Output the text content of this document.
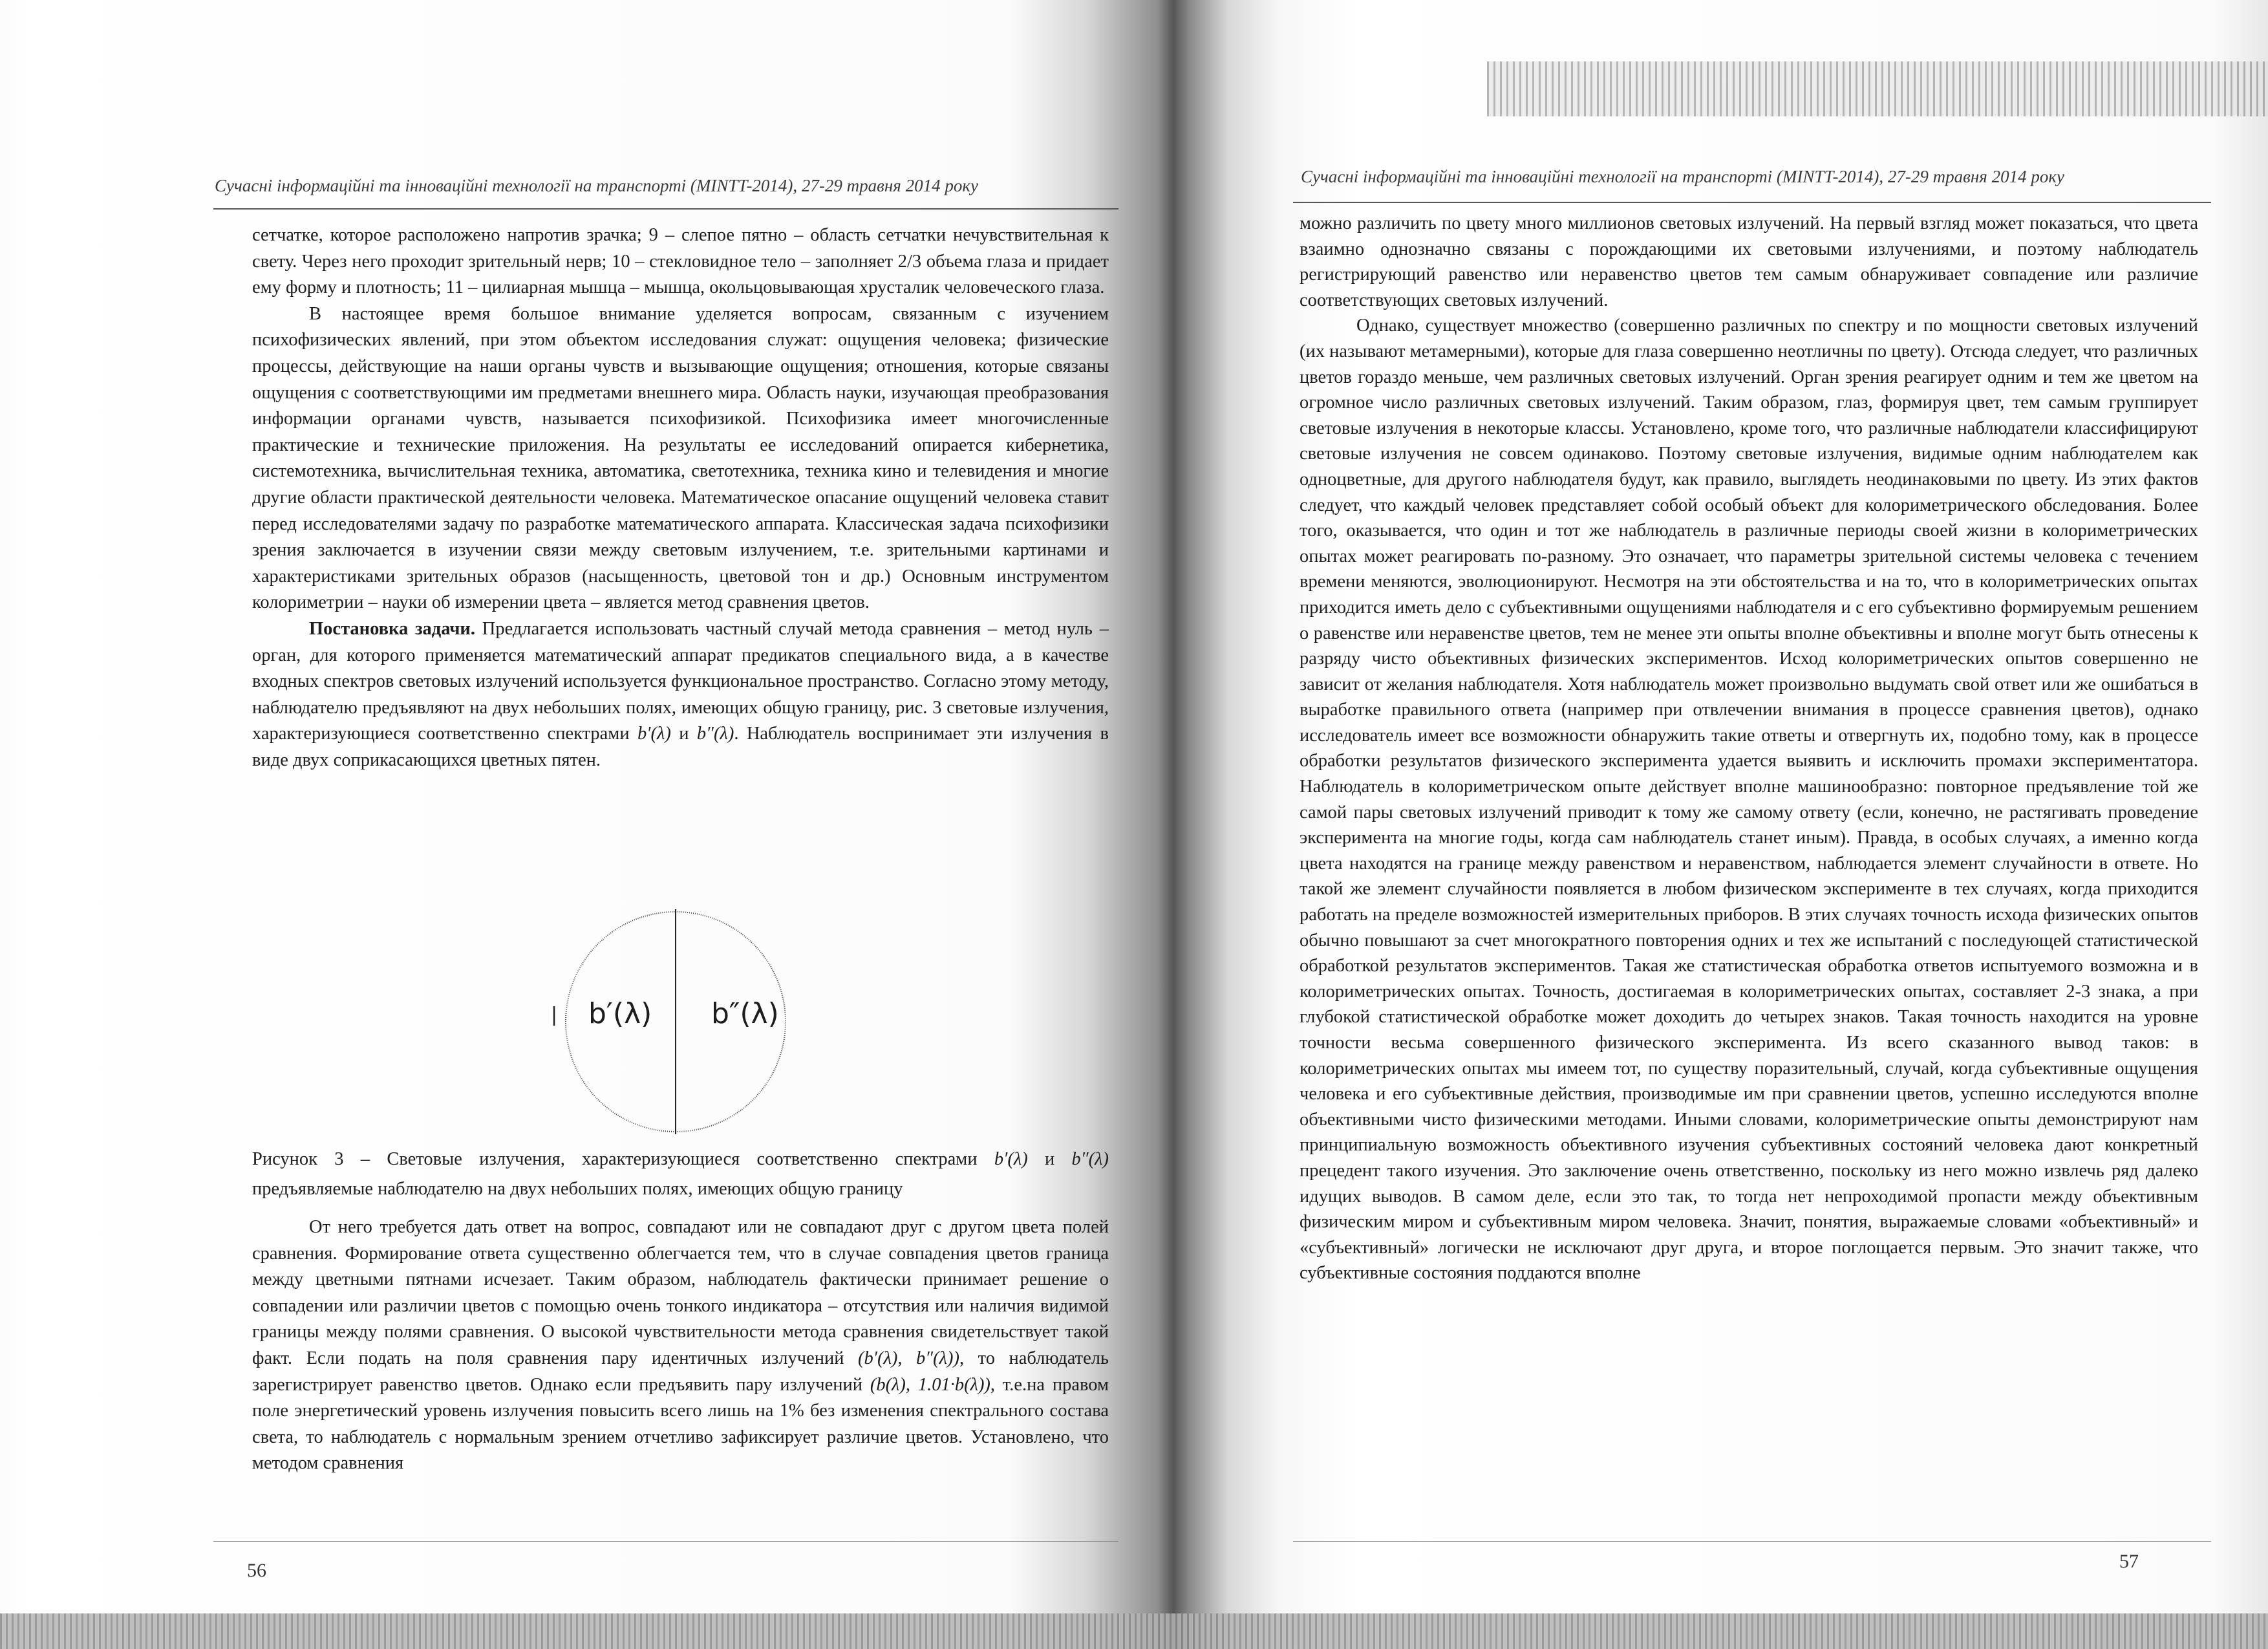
Сучасні інформаційні та інноваційні технології на транспорті (MINTT-2014), 27-29 травня 2014 року

сетчатке, которое расположено напротив зрачка; 9 – слепое пятно – область сетчатки нечувствительная к свету. Через него проходит зрительный нерв; 10 – стекловидное тело – заполняет 2/3 объема глаза и придает ему форму и плотность; 11 – цилиарная мышца – мышца, окольцовывающая хрусталик человеческого глаза.

В настоящее время большое внимание уделяется вопросам, связанным с изучением психофизических явлений, при этом объектом исследования служат: ощущения человека; физические процессы, действующие на наши органы чувств и вызывающие ощущения; отношения, которые связаны ощущения с соответствующими им предметами внешнего мира. Область науки, изучающая преобразования информации органами чувств, называется психофизикой. Психофизика имеет многочисленные практические и технические приложения. На результаты ее исследований опирается кибернетика, системотехника, вычислительная техника, автоматика, светотехника, техника кино и телевидения и многие другие области практической деятельности человека. Математическое опасание ощущений человека ставит перед исследователями задачу по разработке математического аппарата. Классическая задача психофизики зрения заключается в изучении связи между световым излучением, т.е. зрительными картинами и характеристиками зрительных образов (насыщенность, цветовой тон и др.) Основным инструментом колориметрии – науки об измерении цвета – является метод сравнения цветов.

Постановка задачи. Предлагается использовать частный случай метода сравнения – метод нуль – орган, для которого применяется математический аппарат предикатов специального вида, а в качестве входных спектров световых излучений используется функциональное пространство. Согласно этому методу, наблюдателю предъявляют на двух небольших полях, имеющих общую границу, рис. 3 световые излучения, характеризующиеся соответственно спектрами b′(λ) и b″(λ). Наблюдатель воспринимает эти излучения в виде двух соприкасающихся цветных пятен.

| b′(λ) b″(λ)
Рисунок 3 – Световые излучения, характеризующиеся соответственно спектрами b′(λ) и b″(λ) предъявляемые наблюдателю на двух небольших полях, имеющих общую границу

От него требуется дать ответ на вопрос, совпадают или не совпадают друг с другом цвета полей сравнения. Формирование ответа существенно облегчается тем, что в случае совпадения цветов граница между цветными пятнами исчезает. Таким образом, наблюдатель фактически принимает решение о совпадении или различии цветов с помощью очень тонкого индикатора – отсутствия или наличия видимой границы между полями сравнения. О высокой чувствительности метода сравнения свидетельствует такой факт. Если подать на поля сравнения пару идентичных излучений (b′(λ), b″(λ)), то наблюдатель зарегистрирует равенство цветов. Однако если предъявить пару излучений (b(λ), 1.01·b(λ)), т.е.на правом поле энергетический уровень излучения повысить всего лишь на 1% без изменения спектрального состава света, то наблюдатель с нормальным зрением отчетливо зафиксирует различие цветов. Установлено, что методом сравнения

56
Сучасні інформаційні та інноваційні технології на транспорті (MINTT-2014), 27-29 травня 2014 року

можно различить по цвету много миллионов световых излучений. На первый взгляд может показаться, что цвета взаимно однозначно связаны с порождающими их световыми излучениями, и поэтому наблюдатель регистрирующий равенство или неравенство цветов тем самым обнаруживает совпадение или различие соответствующих световых излучений.

Однако, существует множество (совершенно различных по спектру и по мощности световых излучений (их называют метамерными), которые для глаза совершенно неотличны по цвету). Отсюда следует, что различных цветов гораздо меньше, чем различных световых излучений. Орган зрения реагирует одним и тем же цветом на огромное число различных световых излучений. Таким образом, глаз, формируя цвет, тем самым группирует световые излучения в некоторые классы. Установлено, кроме того, что различные наблюдатели классифицируют световые излучения не совсем одинаково. Поэтому световые излучения, видимые одним наблюдателем как одноцветные, для другого наблюдателя будут, как правило, выглядеть неодинаковыми по цвету. Из этих фактов следует, что каждый человек представляет собой особый объект для колориметрического обследования. Более того, оказывается, что один и тот же наблюдатель в различные периоды своей жизни в колориметрических опытах может реагировать по-разному. Это означает, что параметры зрительной системы человека с течением времени меняются, эволюционируют. Несмотря на эти обстоятельства и на то, что в колориметрических опытах приходится иметь дело с субъективными ощущениями наблюдателя и с его субъективно формируемым решением о равенстве или неравенстве цветов, тем не менее эти опыты вполне объективны и вполне могут быть отнесены к разряду чисто объективных физических экспериментов. Исход колориметрических опытов совершенно не зависит от желания наблюдателя. Хотя наблюдатель может произвольно выдумать свой ответ или же ошибаться в выработке правильного ответа (например при отвлечении внимания в процессе сравнения цветов), однако исследователь имеет все возможности обнаружить такие ответы и отвергнуть их, подобно тому, как в процессе обработки результатов физического эксперимента удается выявить и исключить промахи экспериментатора. Наблюдатель в колориметрическом опыте действует вполне машинообразно: повторное предъявление той же самой пары световых излучений приводит к тому же самому ответу (если, конечно, не растягивать проведение эксперимента на многие годы, когда сам наблюдатель станет иным). Правда, в особых случаях, а именно когда цвета находятся на границе между равенством и неравенством, наблюдается элемент случайности в ответе. Но такой же элемент случайности появляется в любом физическом эксперименте в тех случаях, когда приходится работать на пределе возможностей измерительных приборов. В этих случаях точность исхода физических опытов обычно повышают за счет многократного повторения одних и тех же испытаний с последующей статистической обработкой результатов экспериментов. Такая же статистическая обработка ответов испытуемого возможна и в колориметрических опытах. Точность, достигаемая в колориметрических опытах, составляет 2-3 знака, а при глубокой статистической обработке может доходить до четырех знаков. Такая точность находится на уровне точности весьма совершенного физического эксперимента. Из всего сказанного вывод таков: в колориметрических опытах мы имеем тот, по существу поразительный, случай, когда субъективные ощущения человека и его субъективные действия, производимые им при сравнении цветов, успешно исследуются вполне объективными чисто физическими методами. Иными словами, колориметрические опыты демонстрируют нам принципиальную возможность объективного изучения субъективных состояний человека дают конкретный прецедент такого изучения. Это заключение очень ответственно, поскольку из него можно извлечь ряд далеко идущих выводов. В самом деле, если это так, то тогда нет непроходимой пропасти между объективным физическим миром и субъективным миром человека. Значит, понятия, выражаемые словами «объективный» и «субъективный» логически не исключают друг друга, и второе поглощается первым. Это значит также, что субъективные состояния поддаются вполне

57
